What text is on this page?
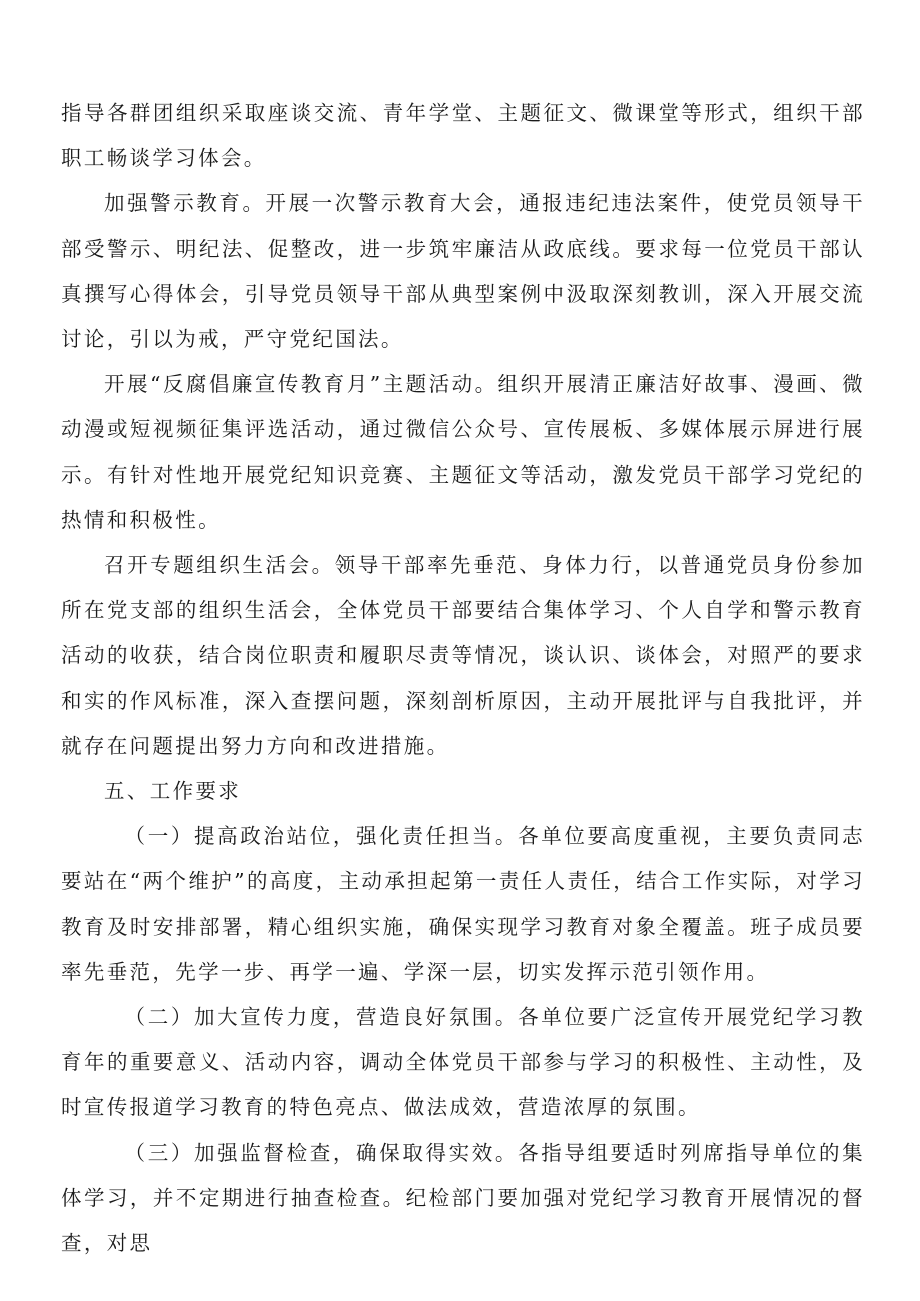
指导各群团组织采取座谈交流、青年学堂、主题征文、微课堂等形式，组织干部职工畅谈学习体会。

加强警示教育。开展一次警示教育大会，通报违纪违法案件，使党员领导干部受警示、明纪法、促整改，进一步筑牢廉洁从政底线。要求每一位党员干部认真撰写心得体会，引导党员领导干部从典型案例中汲取深刻教训，深入开展交流讨论，引以为戒，严守党纪国法。

开展“反腐倡廉宣传教育月”主题活动。组织开展清正廉洁好故事、漫画、微动漫或短视频征集评选活动，通过微信公众号、宣传展板、多媒体展示屏进行展示。有针对性地开展党纪知识竞赛、主题征文等活动，激发党员干部学习党纪的热情和积极性。

召开专题组织生活会。领导干部率先垂范、身体力行，以普通党员身份参加所在党支部的组织生活会，全体党员干部要结合集体学习、个人自学和警示教育活动的收获，结合岗位职责和履职尽责等情况，谈认识、谈体会，对照严的要求和实的作风标准，深入查摆问题，深刻剖析原因，主动开展批评与自我批评，并就存在问题提出努力方向和改进措施。

五、工作要求

（一）提高政治站位，强化责任担当。各单位要高度重视，主要负责同志要站在“两个维护”的高度，主动承担起第一责任人责任，结合工作实际，对学习教育及时安排部署，精心组织实施，确保实现学习教育对象全覆盖。班子成员要率先垂范，先学一步、再学一遍、学深一层，切实发挥示范引领作用。

（二）加大宣传力度，营造良好氛围。各单位要广泛宣传开展党纪学习教育年的重要意义、活动内容，调动全体党员干部参与学习的积极性、主动性，及时宣传报道学习教育的特色亮点、做法成效，营造浓厚的氛围。

（三）加强监督检查，确保取得实效。各指导组要适时列席指导单位的集体学习，并不定期进行抽查检查。纪检部门要加强对党纪学习教育开展情况的督查，对思
